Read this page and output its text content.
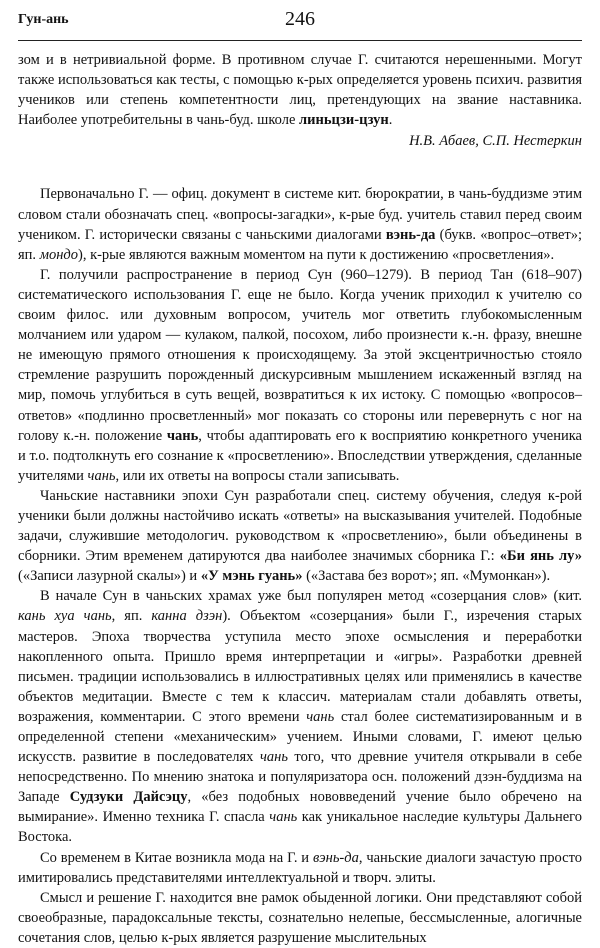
Гун-ань	246

зом и в нетривиальной форме. В противном случае Г. считаются нерешенными. Могут также использоваться как тесты, с помощью к-рых определяется уровень психич. развития учеников или степень компетентности лиц, претендующих на звание наставника. Наиболее употребительны в чань-буд. школе линьцзи-цзун.

Н.В. Абаев, С.П. Нестеркин

Первоначально Г. — офиц. документ в системе кит. бюрократии, в чань-буддизме этим словом стали обозначать спец. «вопросы-загадки», к-рые буд. учитель ставил перед своим учеником. Г. исторически связаны с чаньскими диалогами вэнь-да (букв. «вопрос–ответ»; яп. мондо), к-рые являются важным моментом на пути к достижению «просветления».

Г. получили распространение в период Сун (960–1279). В период Тан (618–907) систематического использования Г. еще не было. Когда ученик приходил к учителю со своим филос. или духовным вопросом, учитель мог ответить глубокомысленным молчанием или ударом — кулаком, палкой, посохом, либо произнести к.-н. фразу, внешне не имеющую прямого отношения к происходящему. За этой эксцентричностью стояло стремление разрушить порожденный дискурсивным мышлением искаженный взгляд на мир, помочь углубиться в суть вещей, возвратиться к их истоку. С помощью «вопросов–ответов» «подлинно просветленный» мог показать со стороны или перевернуть с ног на голову к.-н. положение чань, чтобы адаптировать его к восприятию конкретного ученика и т.о. подтолкнуть его сознание к «просветлению». Впоследствии утверждения, сделанные учителями чань, или их ответы на вопросы стали записывать.

Чаньские наставники эпохи Сун разработали спец. систему обучения, следуя к-рой ученики были должны настойчиво искать «ответы» на высказывания учителей. Подобные задачи, служившие методологич. руководством к «просветлению», были объединены в сборники. Этим временем датируются два наиболее значимых сборника Г.: «Би янь лу» («Записи лазурной скалы») и «У мэнь гуань» («Застава без ворот»; яп. «Мумонкан»).

В начале Сун в чаньских храмах уже был популярен метод «созерцания слов» (кит. кань хуа чань, яп. канна дзэн). Объектом «созерцания» были Г., изречения старых мастеров. Эпоха творчества уступила место эпохе осмысления и переработки накопленного опыта. Пришло время интерпретации и «игры». Разработки древней письмен. традиции использовались в иллюстративных целях или применялись в качестве объектов медитации. Вместе с тем к классич. материалам стали добавлять ответы, возражения, комментарии. С этого времени чань стал более систематизированным и в определенной степени «механическим» учением. Иными словами, Г. имеют целью искусств. развитие в последователях чань того, что древние учителя открывали в себе непосредственно. По мнению знатока и популяризатора осн. положений дзэн-буддизма на Западе Судзуки Дайсэцу, «без подобных нововведений учение было обречено на вымирание». Именно техника Г. спасла чань как уникальное наследие культуры Дальнего Востока.

Со временем в Китае возникла мода на Г. и вэнь-да, чаньские диалоги зачастую просто имитировались представителями интеллектуальной и творч. элиты.

Смысл и решение Г. находится вне рамок обыденной логики. Они представляют собой своеобразные, парадоксальные тексты, сознательно нелепые, бессмысленные, алогичные сочетания слов, целью к-рых является разрушение мыслительных
